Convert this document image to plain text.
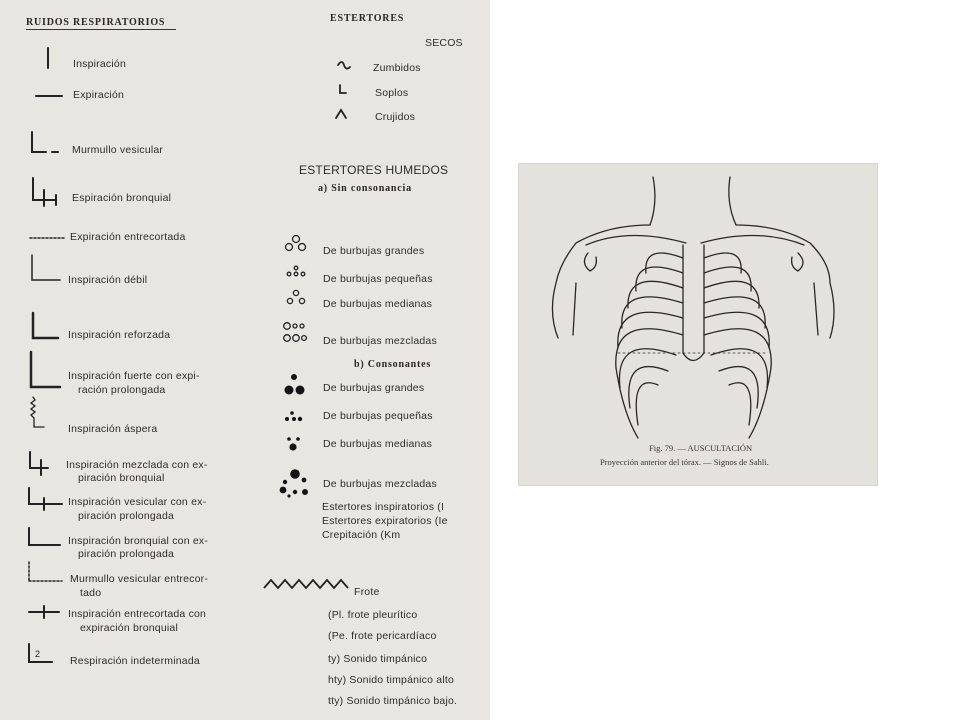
RUIDOS RESPIRATORIOS	ESTERTORES
2
Inspiración
Expiración
Murmullo vesicular
Espiración bronquial
Expiración entrecortada
Inspiración débil
Inspiración reforzada
Inspiración fuerte con expi-
ración prolongada
Inspiración áspera
Inspiración mezclada con ex-
piración bronquial
Inspiración vesicular con ex-
piración prolongada
Inspiración bronquial con ex-
piración prolongada
Murmullo vesicular entrecor-
tado
Inspiración entrecortada con
expiración bronquial
Respiración indeterminada
SECOS
Zumbidos
Soplos
Crujidos
ESTERTORES HUMEDOS
a) Sin consonancia
De burbujas grandes
De burbujas pequeñas
De burbujas medianas
De burbujas mezcladas
b) Consonantes
De burbujas grandes
De burbujas pequeñas
De burbujas medianas
De burbujas mezcladas
Estertores inspiratorios (I
Estertores expiratorios (Ie
Crepitación (Km
Frote
(Pl. frote pleurítico
(Pe. frote pericardíaco
ty) Sonido timpánico
hty) Sonido timpánico alto
tty) Sonido timpánico bajo.
Fig. 79. — AUSCULTACIÓN
Proyección anterior del tórax. — Signos de Sahli.
